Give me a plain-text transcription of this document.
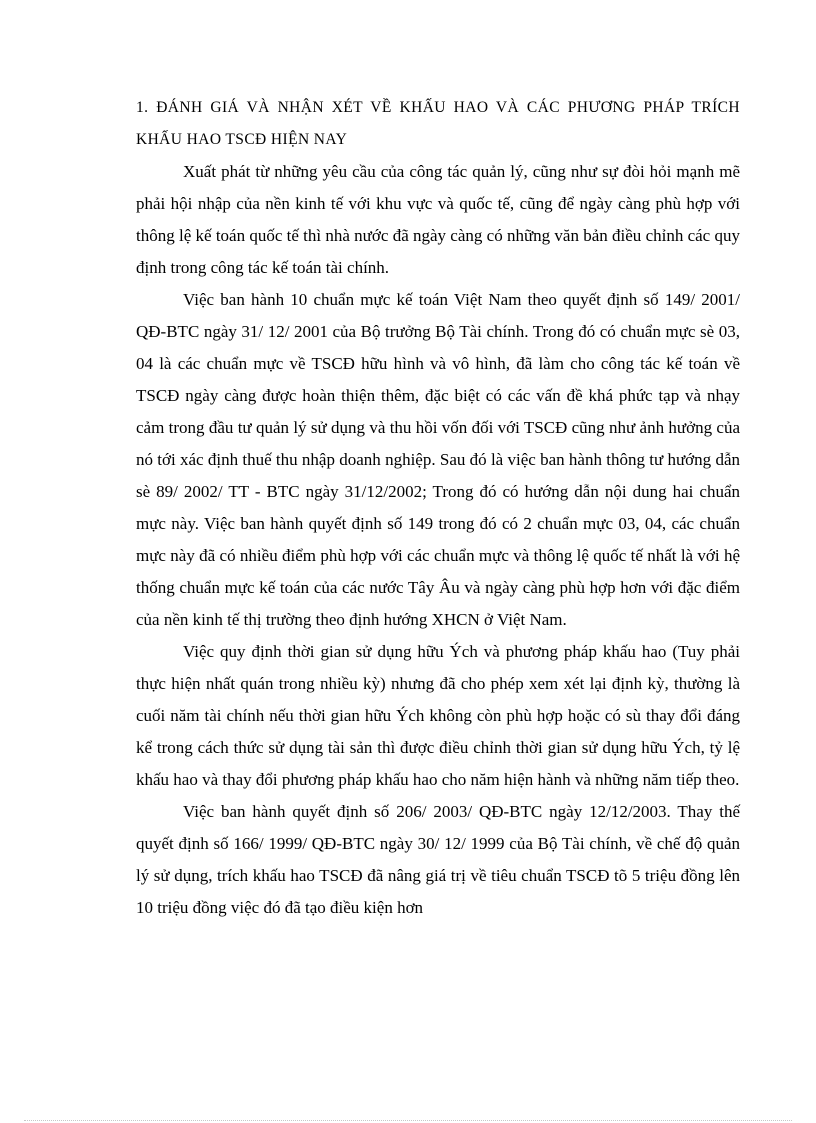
1. ĐÁNH GIÁ VÀ NHẬN XÉT VỀ KHẤU HAO VÀ CÁC PHƯƠNG PHÁP TRÍCH KHẤU HAO TSCĐ HIỆN NAY

Xuất phát từ những yêu cầu của công tác quản lý, cũng như sự đòi hỏi mạnh mẽ phải hội nhập của nền kinh tế với khu vực và quốc tế, cũng để ngày càng phù hợp với thông lệ kế toán quốc tế thì nhà nước đã ngày càng có những văn bản điều chỉnh các quy định trong công tác kế toán tài chính.

Việc ban hành 10 chuẩn mực kế toán Việt Nam theo quyết định số 149/ 2001/ QĐ-BTC ngày 31/ 12/ 2001 của Bộ trưởng Bộ Tài chính. Trong đó có chuẩn mực sè 03, 04 là các chuẩn mực về TSCĐ hữu hình và vô hình, đã làm cho công tác kế toán về TSCĐ ngày càng được hoàn thiện thêm, đặc biệt có các vấn đề khá phức tạp và nhạy cảm trong đầu tư quản lý sử dụng và thu hồi vốn đối với TSCĐ cũng như ảnh hưởng của nó tới xác định thuế thu nhập doanh nghiệp. Sau đó là việc ban hành thông tư hướng dẫn sè 89/ 2002/ TT - BTC ngày 31/12/2002; Trong đó có hướng dẫn nội dung hai chuẩn mực này. Việc ban hành quyết định số 149 trong đó có 2 chuẩn mực 03, 04, các chuẩn mực này đã có nhiều điểm phù hợp với các chuẩn mực và thông lệ quốc tế nhất là với hệ thống chuẩn mực kế toán của các nước Tây Âu và ngày càng phù hợp hơn với đặc điểm của nền kinh tế thị trường theo định hướng XHCN ở Việt Nam.

Việc quy định thời gian sử dụng hữu Ých và phương pháp khấu hao (Tuy phải thực hiện nhất quán trong nhiều kỳ) nhưng đã cho phép xem xét lại định kỳ, thường là cuối năm tài chính nếu thời gian hữu Ých không còn phù hợp hoặc có sù thay đổi đáng kể trong cách thức sử dụng tài sản thì được điều chỉnh thời gian sử dụng hữu Ých, tỷ lệ khấu hao và thay đổi phương pháp khấu hao cho năm hiện hành và những năm tiếp theo.

Việc ban hành quyết định số 206/ 2003/ QĐ-BTC ngày 12/12/2003. Thay thế quyết định số 166/ 1999/ QĐ-BTC ngày 30/ 12/ 1999 của Bộ Tài chính, về chế độ quản lý sử dụng, trích khấu hao TSCĐ đã nâng giá trị về tiêu chuẩn TSCĐ tõ 5 triệu đồng lên 10 triệu đồng việc đó đã tạo điều kiện hơn
